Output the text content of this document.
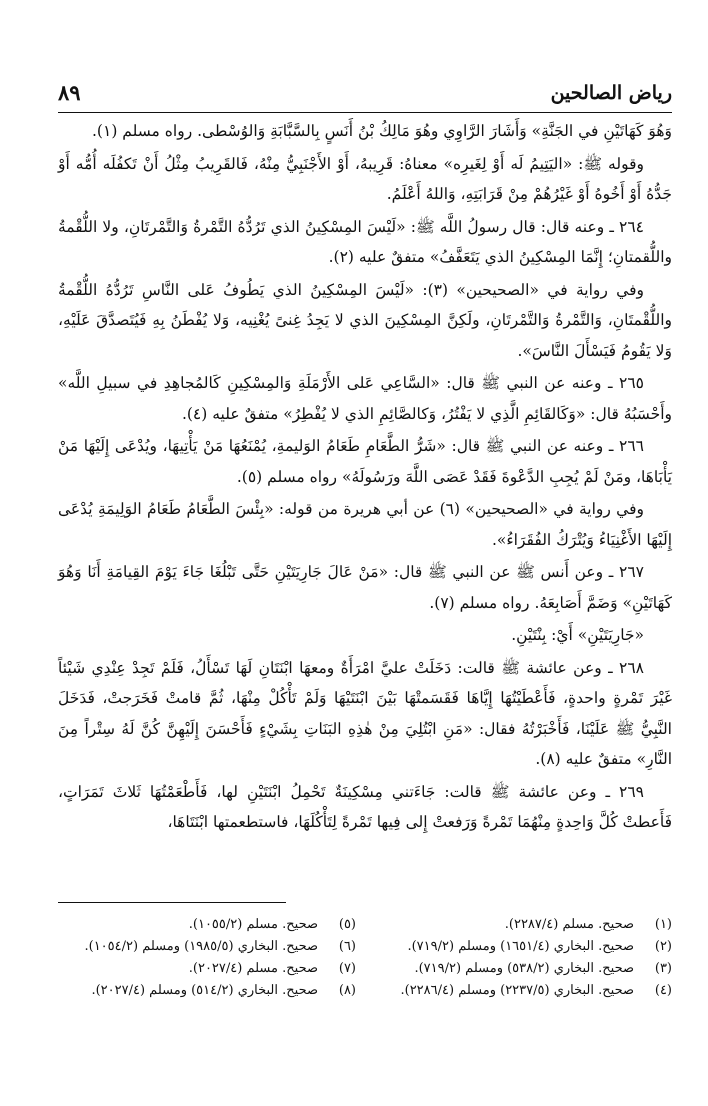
رياض الصالحين
٨٩

وَهُوَ كَهَاتَيْنِ في الجَنَّةِ» وَأَشَارَ الرَّاوِي وهُوَ مَالِكُ بْنُ أَنَسٍ بِالسَّبَّابَةِ وَالوُسْطى. رواه مسلم (١).

وقوله ﷺ: «اليَتِيمُ لَه أَوْ لِغَيرِه» معناهُ: قَرِيبهُ، أَوْ الأَجْنَبِيُّ مِنْهُ، فَالقَرِيبُ مِثْلُ أَنْ تَكفُلَه أُمُّه أَوْ جَدُّهُ أَوْ أَخُوهُ أَوْ غَيْرُهُمْ مِنْ قَرَابَتِهِ، وَاللهُ أَعْلَمُ.

٢٦٤ ـ وعنه قال: قال رسولُ اللَّه ﷺ: «لَيْسَ المِسْكِينُ الذي تَرُدُّهُ التَّمْرةُ وَالتَّمْرتَانِ، ولا اللُّقْمةُ واللُّقمتانِ؛ إِنَّمَا المِسْكِينُ الذي يَتَعَفَّفُ» متفقٌ عليه (٢).

وفي رواية في «الصحيحين» (٣): «لَيْسَ المِسْكِينُ الذي يَطُوفُ عَلى النَّاسِ تَرُدُّهُ اللُّقْمةُ واللُّقْمتَانِ، وَالتَّمْرةُ وَالتَّمْرتَانِ، ولَكِنَّ المِسْكِينَ الذي لا يَجِدُ غِنىً يُغْنِيه، وَلا يُفْطَنُ بِهِ فَيُتَصدَّقَ عَلَيْهِ، وَلا يَقُومُ فَيَسْأَلَ النَّاسَ».

٢٦٥ ـ وعنه عن النبي ﷺ قال: «السَّاعِي عَلى الأَرْمَلَةِ وَالمِسْكِينِ كَالمُجاهِدِ في سبيلِ اللَّه» وأَحْسَبُهُ قال: «وَكَالقَائِمِ الَّذِي لا يَفْتُرُ، وَكالصَّائِمِ الذي لا يُفْطِرُ» متفقٌ عليه (٤).

٢٦٦ ـ وعنه عن النبي ﷺ قال: «شَرُّ الطَّعَامِ طَعَامُ الوَليمةِ، يُمْنَعُهَا مَنْ يَأْتِيهَا، ويُدْعَى إِلَيْهَا مَنْ يَأْبَاهَا، ومَنْ لَمْ يُجِبِ الدَّعْوةَ فَقَدْ عَصَى اللَّهَ ورَسُولَهُ» رواه مسلم (٥).

وفي رواية في «الصحيحين» (٦) عن أبي هريرة من قوله: «بِئْسَ الطَّعَامُ طَعَامُ الوَلِيمَةِ يُدْعَى إِلَيْهَا الأَغْنِيَاءُ وَيُتْرَكُ الفُقَرَاءُ».

٢٦٧ ـ وعن أَنس ﷺ عن النبي ﷺ قال: «مَنْ عَالَ جَارِيَتَيْنِ حَتَّى تَبْلُغَا جَاءَ يَوْمَ القِيامَةِ أَنَا وَهُوَ كَهَاتَيْنِ» وَضَمَّ أَصَابِعَهُ. رواه مسلم (٧).

«جَارِيَتَيْنِ» أَيْ: بِنْتَيْنِ.

٢٦٨ ـ وعن عائشة ﷺ قالت: دَخَلَتْ عليَّ امْرَأَةٌ ومعهَا ابْنَتَانِ لَهَا تَسْأَلُ، فَلَمْ تَجِدْ عِنْدِي شَيْئاً غَيْرَ تَمْرةٍ واحدةٍ، فَأَعْطَيْتُهَا إِيَّاهَا فَقَسَمتْهَا بَيْنَ ابْنَتَيْهَا وَلَمْ تَأْكُلْ مِنْهَا، ثُمَّ قامتْ فَخَرَجتْ، فَدَخَلَ النَّبِيُّ ﷺ عَلَيْنَا، فَأَخْبَرْتُهُ فقال: «مَنِ ابْتُلِيَ مِنْ هٰذِهِ البَنَاتِ بِشَيْءٍ فَأَحْسَنَ إِلَيْهِنَّ كُنَّ لَهُ سِتْراً مِنَ النَّارِ» متفقٌ عليه (٨).

٢٦٩ ـ وعن عائشة ﷺ قالت: جَاءَتني مِسْكِينَةٌ تَحْمِلُ ابْنَتَيْنِ لها، فَأَطْعَمْتُهَا ثَلاثَ تَمَرَاتٍ، فَأَعطتْ كُلَّ وَاحِدةٍ مِنْهُمَا تَمْرةً وَرَفعتْ إِلى فِيها تَمْرةً لِتَأْكُلَهَا، فاستطعمتها ابْنَتَاهَا،

(١)
صحيح. مسلم (٢٢٨٧/٤).
(٢)
صحيح. البخاري (١٦٥١/٤) ومسلم (٧١٩/٢).
(٣)
صحيح. البخاري (٥٣٨/٢) ومسلم (٧١٩/٢).
(٤)
صحيح. البخاري (٢٢٣٧/٥) ومسلم (٢٢٨٦/٤).
(٥)
صحيح. مسلم (١٠٥٥/٢).
(٦)
صحيح. البخاري (١٩٨٥/٥) ومسلم (١٠٥٤/٢).
(٧)
صحيح. مسلم (٢٠٢٧/٤).
(٨)
صحيح. البخاري (٥١٤/٢) ومسلم (٢٠٢٧/٤).
